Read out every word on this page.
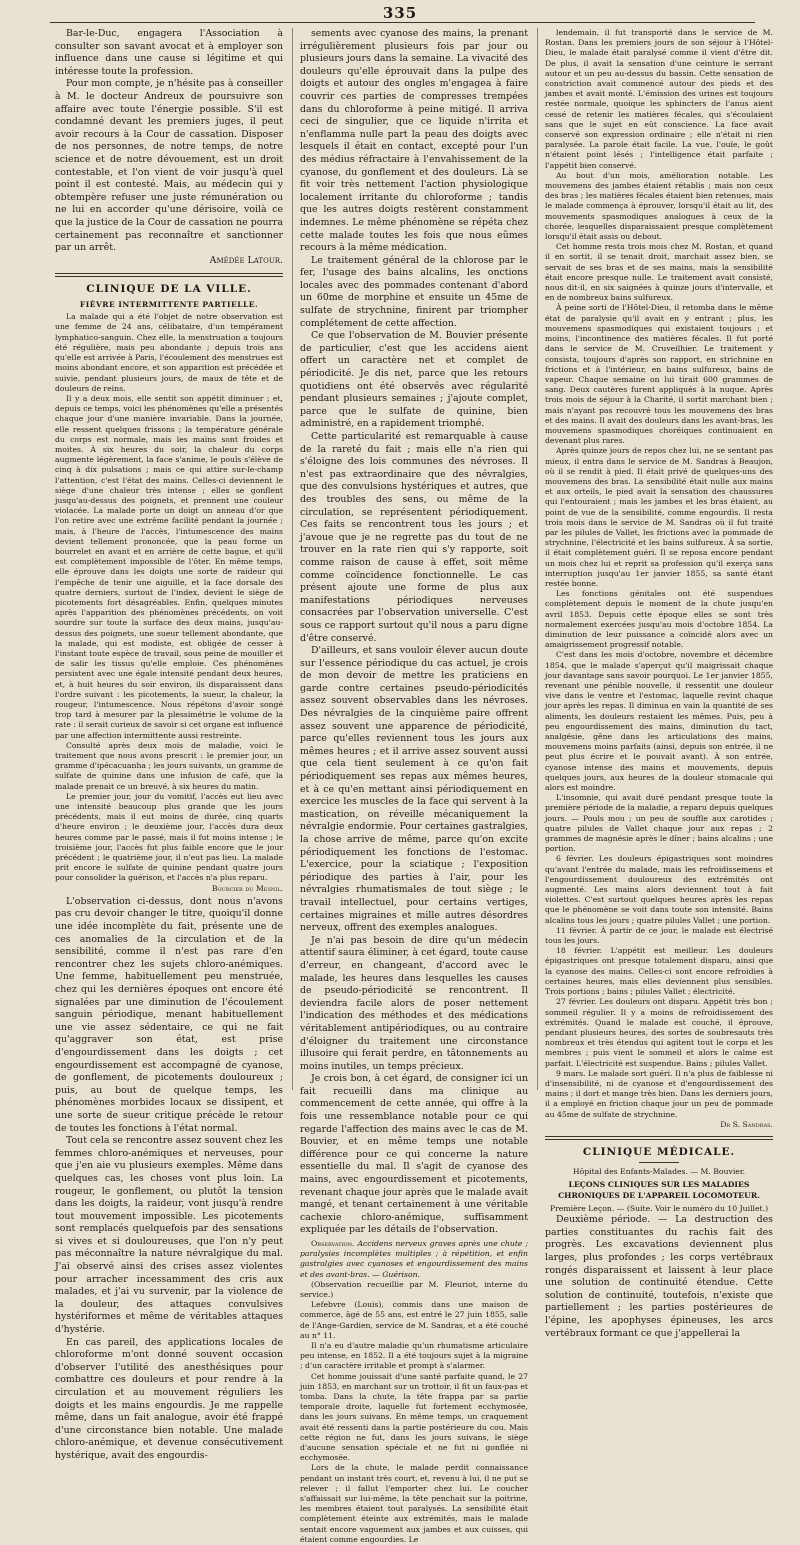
335

Bar-le-Duc, engagera l'Association à consulter son savant avocat et à employer son influence dans une cause si légitime et qui intéresse toute la profession.

Pour mon compte, je n'hésite pas à conseiller à M. le docteur Andreux de poursuivre son affaire avec toute l'énergie possible. S'il est condamné devant les premiers juges, il peut avoir recours à la Cour de cassation. Disposer de nos personnes, de notre temps, de notre science et de notre dévouement, est un droit contestable, et l'on vient de voir jusqu'à quel point il est contesté. Mais, au médecin qui y obtempère refuser une juste rémunération ou ne lui en accorder qu'une dérisoire, voilà ce que la justice de la Cour de cassation ne pourra certainement pas reconnaître et sanctionner par un arrêt.

Amédée Latour.

CLINIQUE DE LA VILLE.
FIÈVRE INTERMITTENTE PARTIELLE.

La malade qui a été l'objet de notre observation est une femme de 24 ans, célibataire, d'un tempérament lymphatico-sanguin. Chez elle, la menstruation a toujours été régulière, mais peu abondante ; depuis trois ans qu'elle est arrivée à Paris, l'écoulement des menstrues est moins abondant encore, et son apparition est précédée et suivie, pendant plusieurs jours, de maux de tête et de douleurs de reins.

Il y a deux mois, elle sentit son appétit diminuer ; et, depuis ce temps, voici les phénomènes qu'elle a présentés chaque jour d'une manière invariable. Dans la journée, elle ressent quelques frissons ; la température générale du corps est normale, mais les mains sont froides et moites. À six heures du soir, la chaleur du corps augmente légèrement, la face s'anime, le pouls s'élève de cinq à dix pulsations ; mais ce qui attire sur-le-champ l'attention, c'est l'état des mains. Celles-ci deviennent le siège d'une chaleur très intense ; elles se gonflent jusqu'au-dessus des poignets, et prennent une couleur violacée. La malade porte un doigt un anneau d'or que l'on retire avec une extrême facilité pendant la journée ; mais, à l'heure de l'accès, l'intumescence des mains devient tellement prononcée, que la peau forme un bourrelet en avant et en arrière de cette bague, et qu'il est complètement impossible de l'ôter. En même temps, elle éprouve dans les doigts une sorte de raideur qui l'empêche de tenir une aiguille, et la face dorsale des quatre derniers, surtout de l'index, devient le siège de picotements fort désagréables. Enfin, quelques minutes après l'apparition des phénomènes précédents, on voit sourdre sur toute la surface des deux mains, jusqu'au-dessus des poignets, une sueur tellement abondante, que la malade, qui est modiste, est obligée de cesser à l'instant toute espèce de travail, sous peine de mouiller et de salir les tissus qu'elle emploie. Ces phénomènes persistent avec une égale intensité pendant deux heures, et, à huit heures du soir environ, ils disparaissent dans l'ordre suivant : les picotements, la sueur, la chaleur, la rougeur, l'intumescence. Nous répétons d'avoir songé trop tard à mesurer par la plessimétrie le volume de la rate : il serait curieux de savoir si cet organe est influencé par une affection intermittente aussi restreinte.

Consulté après deux mois de maladie, voici le traitement que nous avons prescrit : le premier jour, un gramme d'ipécacuanha ; les jours suivants, un gramme de sulfate de quinine dans une infusion de café, que la malade prenait ce un breuvé, à six heures du matin.

Le premier jour, jour du vomitif, l'accès eut lieu avec une intensité beaucoup plus grande que les jours précédents, mais il eut moins de durée, cinq quarts d'heure environ ; le deuxième jour, l'accès dura deux heures comme par le passé, mais il fut moins intense ; le troisième jour, l'accès fut plus faible encore que le jour précédent ; le quatrième jour, il n'eut pas lieu. La malade prit encore le sulfate de quinine pendant quatre jours pour consolider la guérison, et l'accès n'a plus reparu.

Bourcier du Mesnil.

L'observation ci-dessus, dont nous n'avons pas cru devoir changer le titre, quoiqu'il donne une idée incomplète du fait, présente une de ces anomalies de la circulation et de la sensibilité, comme il n'est pas rare d'en rencontrer chez les sujets chloro-anémiques. Une femme, habituellement peu menstruée, chez qui les dernières époques ont encore été signalées par une diminution de l'écoulement sanguin périodique, menant habituellement une vie assez sédentaire, ce qui ne fait qu'aggraver son état, est prise d'engourdissement dans les doigts ; cet engourdissement est accompagné de cyanose, de gonflement, de picotements douloureux ; puis, au bout de quelque temps, les phénomènes morbides locaux se dissipent, et une sorte de sueur critique précède le retour de toutes les fonctions à l'état normal.

Tout cela se rencontre assez souvent chez les femmes chloro-anémiques et nerveuses, pour que j'en aie vu plusieurs exemples. Même dans quelques cas, les choses vont plus loin. La rougeur, le gonflement, ou plutôt la tension dans les doigts, la raideur, vont jusqu'à rendre tout mouvement impossible. Les picotements sont remplacés quelquefois par des sensations si vives et si douloureuses, que l'on n'y peut pas méconnaître la nature névralgique du mal. J'ai observé ainsi des crises assez violentes pour arracher incessamment des cris aux malades, et j'ai vu survenir, par la violence de la douleur, des attaques convulsives hystériformes et même de véritables attaques d'hystérie.

En cas pareil, des applications locales de chloroforme m'ont donné souvent occasion d'observer l'utilité des anesthésiques pour combattre ces douleurs et pour rendre à la circulation et au mouvement réguliers les doigts et les mains engourdis. Je me rappelle même, dans un fait analogue, avoir été frappé d'une circonstance bien notable. Une malade chloro-anémique, et devenue consécutivement hystérique, avait des engourdis-

sements avec cyanose des mains, la prenant irrégulièrement plusieurs fois par jour ou plusieurs jours dans la semaine. La vivacité des douleurs qu'elle éprouvait dans la pulpe des doigts et autour des ongles m'engagea à faire couvrir ces parties de compresses trempées dans du chloroforme à peine mitigé. Il arriva ceci de singulier, que ce liquide n'irrita et n'enflamma nulle part la peau des doigts avec lesquels il était en contact, excepté pour l'un des médius réfractaire à l'envahissement de la cyanose, du gonflement et des douleurs. Là se fit voir très nettement l'action physiologique localement irritante du chloroforme ; tandis que les autres doigts restèrent constamment indemnes. Le même phénomène se répéta chez cette malade toutes les fois que nous eûmes recours à la même médication.

Le traitement général de la chlorose par le fer, l'usage des bains alcalins, les onctions locales avec des pommades contenant d'abord un 60me de morphine et ensuite un 45me de sulfate de strychnine, finirent par triompher complétement de cette affection.

Ce que l'observation de M. Bouvier présente de particulier, c'est que les accidens aient offert un caractère net et complet de périodicité. Je dis net, parce que les retours quotidiens ont été observés avec régularité pendant plusieurs semaines ; j'ajoute complet, parce que le sulfate de quinine, bien administré, en a rapidement triomphé.

Cette particularité est remarquable à cause de la rareté du fait ; mais elle n'a rien qui s'éloigne des lois communes des névroses. Il n'est pas extraordinaire que des névralgies, que des convulsions hystériques et autres, que des troubles des sens, ou même de la circulation, se représentent périodiquement. Ces faits se rencontrent tous les jours ; et j'avoue que je ne regrette pas du tout de ne trouver en la rate rien qui s'y rapporte, soit comme raison de cause à effet, soit même comme coïncidence fonctionnelle. Le cas présent ajoute une forme de plus aux manifestations périodiques nerveuses consacrées par l'observation universelle. C'est sous ce rapport surtout qu'il nous a paru digne d'être conservé.

D'ailleurs, et sans vouloir élever aucun doute sur l'essence périodique du cas actuel, je crois de mon devoir de mettre les praticiens en garde contre certaines pseudo-périodicités assez souvent observables dans les névroses. Des névralgies de la cinquième paire offrent assez souvent une apparence de périodicité, parce qu'elles reviennent tous les jours aux mêmes heures ; et il arrive assez souvent aussi que cela tient seulement à ce qu'on fait périodiquement ses repas aux mêmes heures, et à ce qu'en mettant ainsi périodiquement en exercice les muscles de la face qui servent à la mastication, on réveille mécaniquement la névralgie endormie. Pour certaines gastralgies, la chose arrive de même, parce qu'on excite périodiquement les fonctions de l'estomac. L'exercice, pour la sciatique ; l'exposition périodique des parties à l'air, pour les névralgies rhumatismales de tout siège ; le travail intellectuel, pour certains vertiges, certaines migraines et mille autres désordres nerveux, offrent des exemples analogues.

Je n'ai pas besoin de dire qu'un médecin attentif saura éliminer, à cet égard, toute cause d'erreur, en changeant, d'accord avec le malade, les heures dans lesquelles les causes de pseudo-périodicité se rencontrent. Il deviendra facile alors de poser nettement l'indication des méthodes et des médications véritablement antipériodiques, ou au contraire d'éloigner du traitement une circonstance illusoire qui ferait perdre, en tâtonnements au moins inutiles, un temps précieux.

Je crois bon, à cet égard, de consigner ici un fait recueilli dans ma clinique au commencement de cette année, qui offre à la fois une ressemblance notable pour ce qui regarde l'affection des mains avec le cas de M. Bouvier, et en même temps une notable différence pour ce qui concerne la nature essentielle du mal. Il s'agit de cyanose des mains, avec engourdissement et picotements, revenant chaque jour après que le malade avait mangé, et tenant certainement à une véritable cachexie chloro-anémique, suffisamment expliquée par les détails de l'observation.

Observation. Accidens nerveux graves après une chute ; paralysies incomplètes multiples ; à répétition, et enfin gastralgies avec cyanoses et engourdissement des mains et des avant-bras. — Guérison.

(Observation recueillie par M. Fleuriot, interne du service.)

Lefebvre (Louis), commis dans une maison de commerce, âgé de 55 ans, est entré le 27 juin 1855, salle de l'Ange-Gardien, service de M. Sandras, et a été couché au n° 11.

Il n'a eu d'autre maladie qu'un rhumatisme articulaire peu intense, en 1852. Il a été toujours sujet à la migraine ; d'un caractère irritable et prompt à s'alarmer.

Cet homme jouissait d'une santé parfaite quand, le 27 juin 1853, en marchant sur un trottoir, il fit un faux-pas et tomba. Dans la chute, la tête frappa par sa partie temporale droite, laquelle fut fortement ecchymosée, dans les jours suivans. En même temps, un craquement avait été ressenti dans la partie postérieure du cou. Mais cette région ne fut, dans les jours suivans, le siège d'aucune sensation spéciale et ne fut ni gonflée ni ecchymosée.

Lors de la chute, le malade perdit connaissance pendant un instant très court, et, revenu à lui, il ne put se relever ; il fallut l'emporter chez lui. Le coucher s'affaissait sur lui-même, la tête penchait sur la poitrine, les membres étaient tout paralysés. La sensibilité était complètement éteinte aux extrémités, mais le malade sentait encore vaguement aux jambes et aux cuisses, qui étaient comme engourdies. Le

lendemain, il fut transporté dans le service de M. Rostan. Dans les premiers jours de son séjour à l'Hôtel-Dieu, le malade était paralysé comme il vient d'être dit. De plus, il avait la sensation d'une ceinture le serrant autour et un peu au-dessus du bassin. Cette sensation de constriction avait commencé autour des pieds et des jambes et avait monté. L'émission des urines est toujours restée normale, quoique les sphincters de l'anus aient cessé de retenir les matières fécales, qui s'écoulaient sans que le sujet en eût conscience. La face avait conservé son expression ordinaire ; elle n'était ni rien paralysée. La parole était facile. La vue, l'ouïe, le goût n'étaient point lésés ; l'intelligence était parfaite ; l'appétit bien conservé.

Au bout d'un mois, amélioration notable. Les mouvemens des jambes étaient rétablis ; mais non ceux des bras ; les matières fécales étaient bien retenues, mais le malade commença à éprouver, lorsqu'il était au lit, des mouvements spasmodiques analogues à ceux de la chorée, lesquelles disparaissaient presque complètement lorsqu'il était assis ou debout.

Cet homme resta trois mois chez M. Rostan, et quand il en sortit, il se tenait droit, marchait assez bien, se servait de ses bras et de ses mains, mais la sensibilité était encore presque nulle. Le traitement avait consisté, nous dit-il, en six saignées à quinze jours d'intervalle, et en de nombreux bains sulfureux.

À peine sorti de l'Hôtel-Dieu, il retomba dans le même état de paralysie qu'il avait en y entrant ; plus, les mouvemens spasmodiques qui existaient toujours ; et moins, l'incontinence des matières fécales. Il fut porté dans le service de M. Cruveilhier. Le traitement y consista, toujours d'après son rapport, en strichnine en frictions et à l'intérieur, en bains sulfureux, bains de vapeur. Chaque semaine on lui tirait 600 grammes de sang. Deux cautères furent appliqués à la nuque. Après trois mois de séjour à la Charité, il sortit marchant bien ; mais n'ayant pas recouvré tous les mouvemens des bras et des mains. Il avait des douleurs dans les avant-bras, les mouvemens spasmodiques choréiques continuaient en devenant plus rares.

Après quinze jours de repos chez lui, ne se sentant pas mieux, il entra dans le service de M. Sandras à Beaujon, où il se rendit à pied. Il était privé de quelques-uns des mouvemens des bras. La sensibilité était nulle aux mains et aux orteils, le pied avait la sensation des chaussures qui l'entouraient ; mais les jambes et les bras étaient, au point de vue de la sensibilité, comme engourdis. Il resta trois mois dans le service de M. Sandras où il fut traité par les pilules de Vallet, les frictions avec la pommade de strychnine, l'électricité et les bains sulfureux. À sa sortie, il était complètement guéri. Il se reposa encore pendant un mois chez lui et reprit sa profession qu'il exerça sans interruption jusqu'au 1er janvier 1855, sa santé étant restée bonne.

Les fonctions génitales ont été suspendues complètement depuis le moment de la chute jusqu'en avril 1853. Depuis cette époque elles se sont très normalement exercées jusqu'au mois d'octobre 1854. La diminution de leur puissance a coïncidé alors avec un amaigrissement progressif notable.

C'est dans les mois d'octobre, novembre et décembre 1854, que le malade s'aperçut qu'il maigrissait chaque jour davantage sans savoir pourquoi. Le 1er janvier 1855, revenant une pénible nouvelle, il ressentit une douleur vive dans le ventre et l'estomac, laquelle revint chaque jour après les repas. Il diminua en vain la quantité de ses aliments, les douleurs restaient les mêmes. Puis, peu à peu engourdissement des mains, diminution du tact, analgésie, gêne dans les articulations des mains, mouvemens moins parfaits (ainsi, depuis son entrée, il ne peut plus écrire et le pouvait avant). À son entrée, cyanose intense des mains et mouvements, depuis quelques jours, aux heures de la douleur stomacale qui alors est moindre.

L'insomnie, qui avait duré pendant presque toute la première période de la maladie, a reparu depuis quelques jours. — Pouls mou ; un peu de souffle aux carotides ; quatre pilules de Vallet chaque jour aux repas ; 2 grammes de magnésie après le dîner ; bains alcalins ; une portion.

6 février. Les douleurs épigastriques sont moindres qu'avant l'entrée du malade, mais les refroidissemens et l'engourdissement douloureux des extrémités ont augmenté. Les mains alors deviennent tout à fait violettes. C'est surtout quelques heures après les repas que le phénomène se voit dans toute son intensité. Bains alcalins tous les jours ; quatre pilules Vallet ; une portion.

11 février. À partir de ce jour, le malade est électrisé tous les jours.

18 février. L'appétit est meilleur. Les douleurs épigastriques ont presque totalement disparu, ainsi que la cyanose des mains. Celles-ci sont encore refroidies à certaines heures, mais elles deviennent plus sensibles. Trois portions ; bains ; pilules Vallet ; électricité.

27 février. Les douleurs ont disparu. Appétit très bon ; sommeil régulier. Il y a moins de refroidissement des extrémités. Quand le malade est couché, il éprouve, pendant plusieurs heures, des sortes de soubresauts très nombreux et très étendus qui agitent tout le corps et les membres ; puis vient le sommeil et alors le calme est parfait. L'électricité est suspendue. Bains ; pilules Vallet.

9 mars. Le malade sort guéri. Il n'a plus de faiblesse ni d'insensibilité, ni de cyanose et d'engourdissement des mains ; il dort et mange très bien. Dans les derniers jours, il a employé en friction chaque jour un peu de pommade au 45me de sulfate de strychnine.

Dr S. Sandras.

CLINIQUE MÉDICALE.

Hôpital des Enfants-Malades. — M. Bouvier.

LEÇONS CLINIQUES SUR LES MALADIES CHRONIQUES DE L'APPAREIL LOCOMOTEUR.

Première Leçon. — (Suite. Voir le numéro du 10 Juillet.)

Deuxième période. — La destruction des parties constituantes du rachis fait des progrès. Les excavations deviennent plus larges, plus profondes ; les corps vertébraux rongés disparaissent et laissent à leur place une solution de continuité étendue. Cette solution de continuité, toutefois, n'existe que partiellement ; les parties postérieures de l'épine, les apophyses épineuses, les arcs vertébraux formant ce que j'appellerai la
